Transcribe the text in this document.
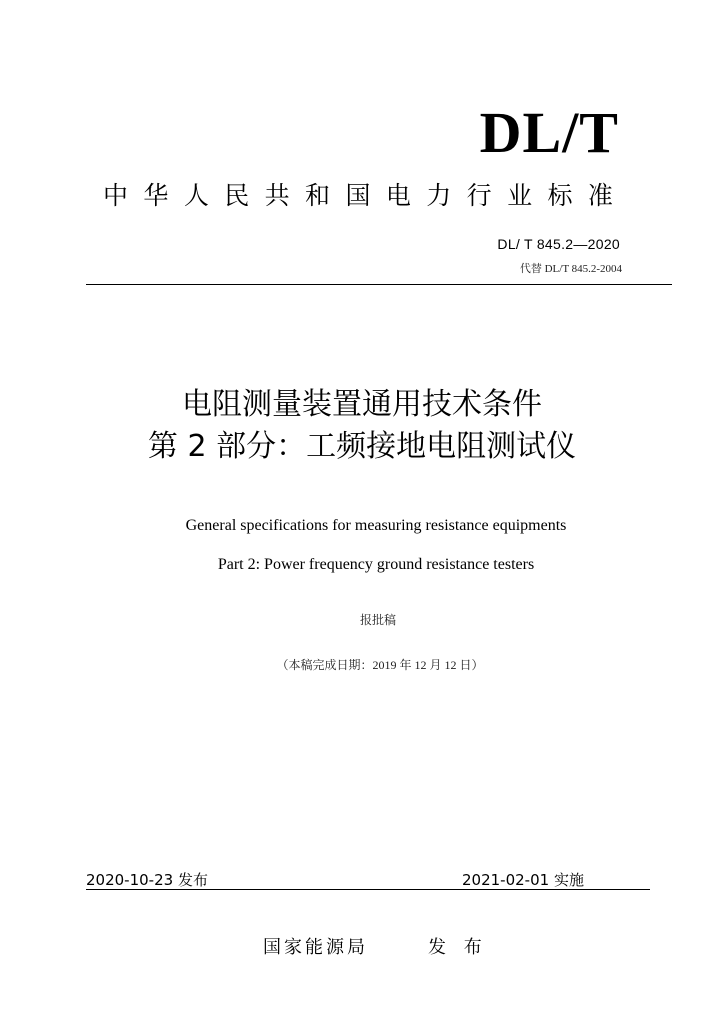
DL/T
中 华 人 民 共 和 国 电 力 行 业 标 准
DL/ T 845.2—2020
代替 DL/T 845.2-2004
电阻测量装置通用技术条件
第 2 部分：工频接地电阻测试仪
General specifications for measuring resistance equipments
Part 2: Power frequency ground resistance testers
报批稿
（本稿完成日期：2019 年 12 月 12 日）
2020-10-23 发布	2021-02-01 实施
国家能源局	发 布
